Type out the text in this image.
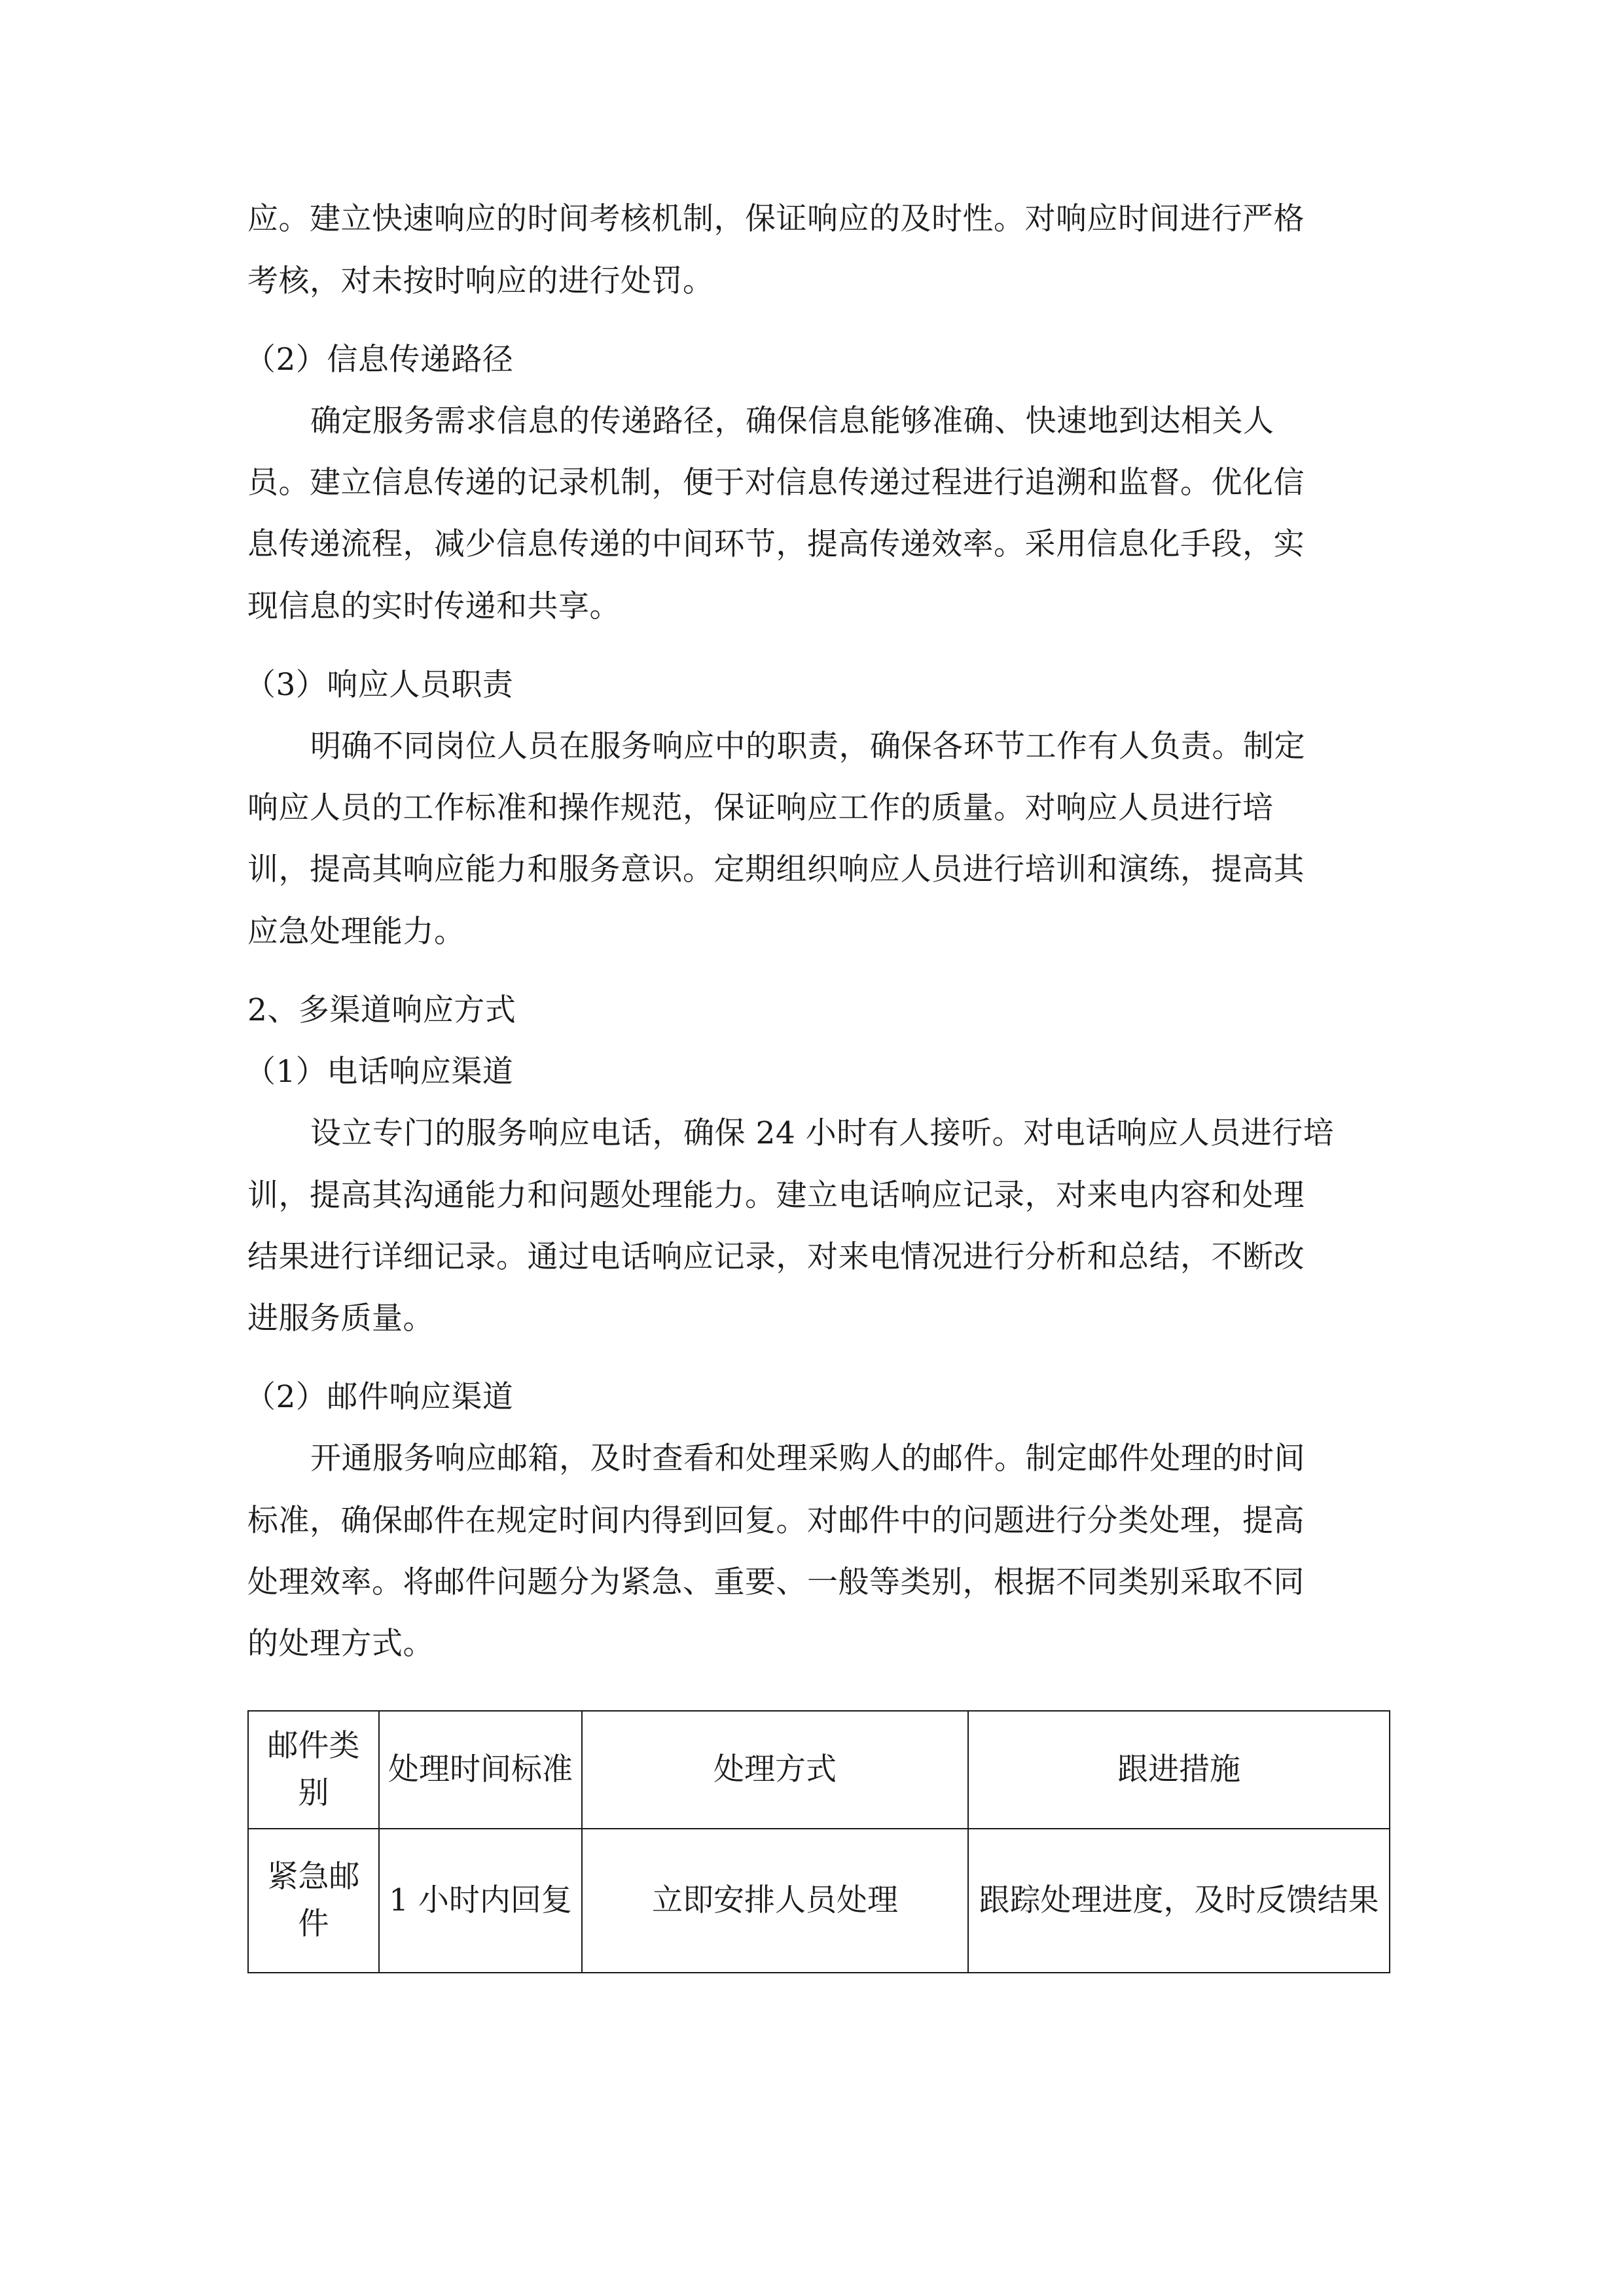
应。建立快速响应的时间考核机制，保证响应的及时性。对响应时间进行严格
考核，对未按时响应的进行处罚。
（2）信息传递路径
确定服务需求信息的传递路径，确保信息能够准确、快速地到达相关人
员。建立信息传递的记录机制，便于对信息传递过程进行追溯和监督。优化信
息传递流程，减少信息传递的中间环节，提高传递效率。采用信息化手段，实
现信息的实时传递和共享。
（3）响应人员职责
明确不同岗位人员在服务响应中的职责，确保各环节工作有人负责。制定
响应人员的工作标准和操作规范，保证响应工作的质量。对响应人员进行培
训，提高其响应能力和服务意识。定期组织响应人员进行培训和演练，提高其
应急处理能力。
2、多渠道响应方式
（1）电话响应渠道
设立专门的服务响应电话，确保 24 小时有人接听。对电话响应人员进行培
训，提高其沟通能力和问题处理能力。建立电话响应记录，对来电内容和处理
结果进行详细记录。通过电话响应记录，对来电情况进行分析和总结，不断改
进服务质量。
（2）邮件响应渠道
开通服务响应邮箱，及时查看和处理采购人的邮件。制定邮件处理的时间
标准，确保邮件在规定时间内得到回复。对邮件中的问题进行分类处理，提高
处理效率。将邮件问题分为紧急、重要、一般等类别，根据不同类别采取不同
的处理方式。
邮件类别	处理时间标准	处理方式	跟进措施
紧急邮件	1 小时内回复	立即安排人员处理	跟踪处理进度，及时反馈结果
